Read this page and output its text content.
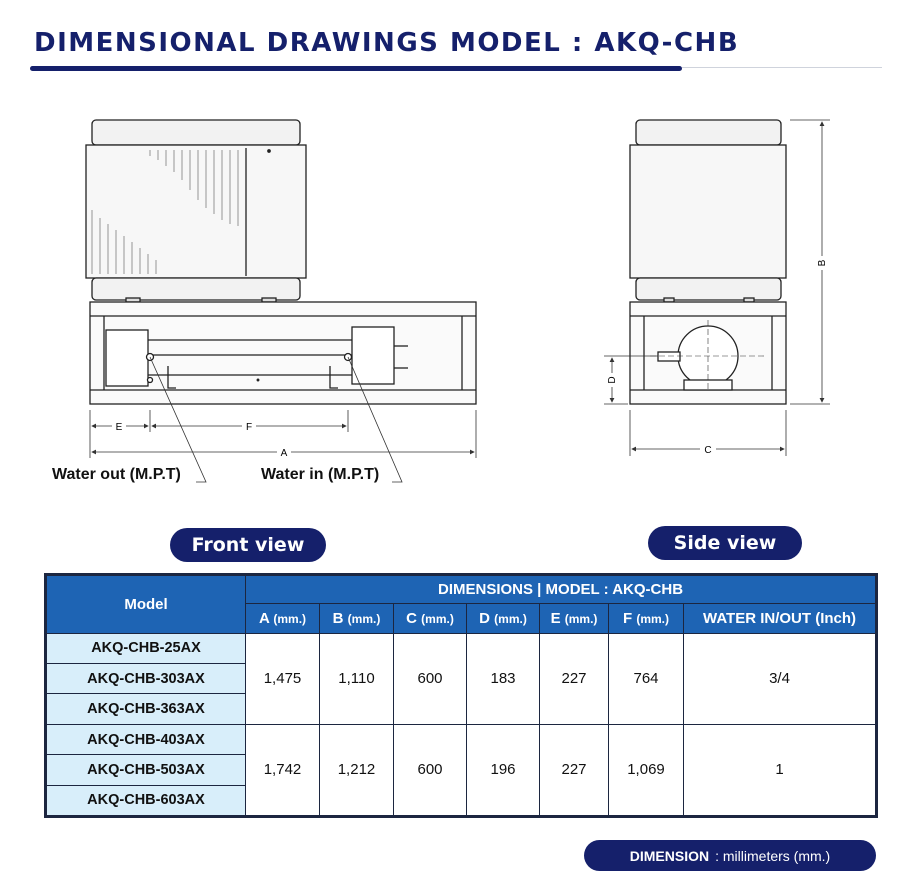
DIMENSIONAL DRAWINGS MODEL : AKQ-CHB
E	F
A
B
D
C
Water out (M.P.T)	Water in (M.P.T)
Front view	Side view
Model	DIMENSIONS | MODEL : AKQ-CHB						
	A (mm.)	B (mm.)	C (mm.)	D (mm.)	E (mm.)	F (mm.)	WATER IN/OUT (Inch)
AKQ-CHB-25AX	1,475	1,110	600	183	227	764	3/4
AKQ-CHB-303AX							
AKQ-CHB-363AX							
AKQ-CHB-403AX	1,742	1,212	600	196	227	1,069	1
AKQ-CHB-503AX							
AKQ-CHB-603AX							
DIMENSION : millimeters (mm.)
